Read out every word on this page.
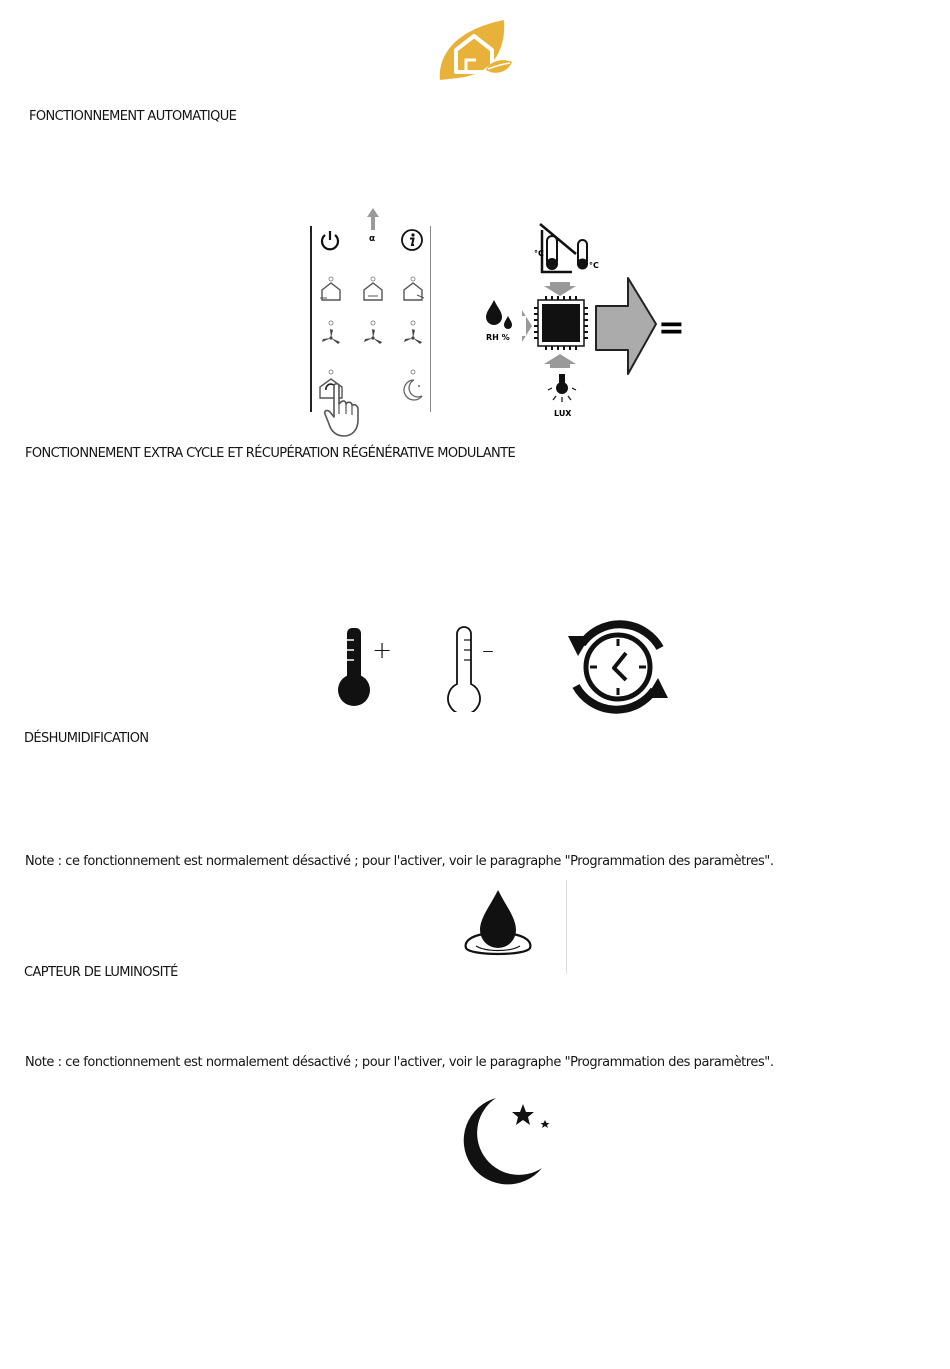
FONCTIONNEMENT AUTOMATIQUE
α
°C
°C
RH %
LUX
=
FONCTIONNEMENT EXTRA CYCLE ET RÉCUPÉRATION RÉGÉNÉRATIVE MODULANTE
+	–
DÉSHUMIDIFICATION
Note : ce fonctionnement est normalement désactivé ; pour l'activer, voir le paragraphe "Programmation des paramètres".
CAPTEUR DE LUMINOSITÉ
Note : ce fonctionnement est normalement désactivé ; pour l'activer, voir le paragraphe "Programmation des paramètres".
